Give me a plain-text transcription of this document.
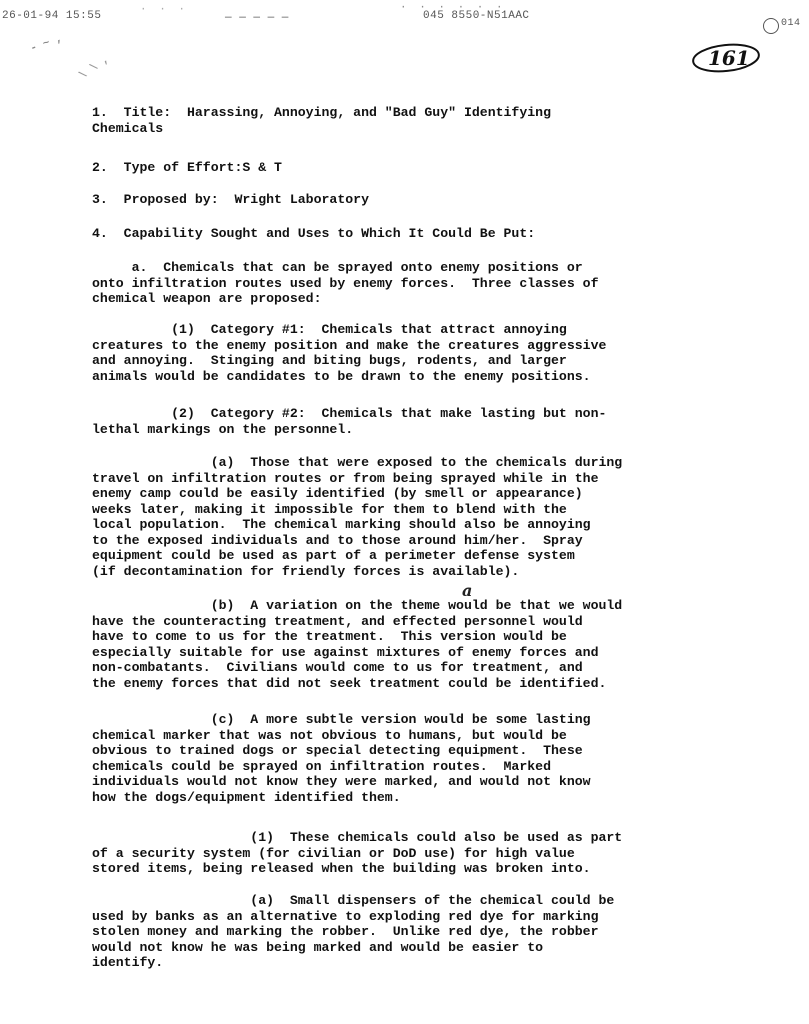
· · ·
26-01-94 15:55	— — — — —
· · · · · ·
045 8550-N51AAC
014
- ~ ,
\ \ ,	161
1.  Title:  Harassing, Annoying, and "Bad Guy" Identifying
Chemicals
2.  Type of Effort:S & T
3.  Proposed by:  Wright Laboratory
4.  Capability Sought and Uses to Which It Could Be Put:
a.  Chemicals that can be sprayed onto enemy positions or
onto infiltration routes used by enemy forces.  Three classes of
chemical weapon are proposed:
(1)  Category #1:  Chemicals that attract annoying
creatures to the enemy position and make the creatures aggressive
and annoying.  Stinging and biting bugs, rodents, and larger
animals would be candidates to be drawn to the enemy positions.
(2)  Category #2:  Chemicals that make lasting but non-
lethal markings on the personnel.
(a)  Those that were exposed to the chemicals during
travel on infiltration routes or from being sprayed while in the
enemy camp could be easily identified (by smell or appearance)
weeks later, making it impossible for them to blend with the
local population.  The chemical marking should also be annoying
to the exposed individuals and to those around him/her.  Spray
equipment could be used as part of a perimeter defense system
(if decontamination for friendly forces is available).
a
(b)  A variation on the theme would be that we would
have the counteracting treatment, and effected personnel would
have to come to us for the treatment.  This version would be
especially suitable for use against mixtures of enemy forces and
non-combatants.  Civilians would come to us for treatment, and
the enemy forces that did not seek treatment could be identified.
(c)  A more subtle version would be some lasting
chemical marker that was not obvious to humans, but would be
obvious to trained dogs or special detecting equipment.  These
chemicals could be sprayed on infiltration routes.  Marked
individuals would not know they were marked, and would not know
how the dogs/equipment identified them.
(1)  These chemicals could also be used as part
of a security system (for civilian or DoD use) for high value
stored items, being released when the building was broken into.
(a)  Small dispensers of the chemical could be
used by banks as an alternative to exploding red dye for marking
stolen money and marking the robber.  Unlike red dye, the robber
would not know he was being marked and would be easier to
identify.
